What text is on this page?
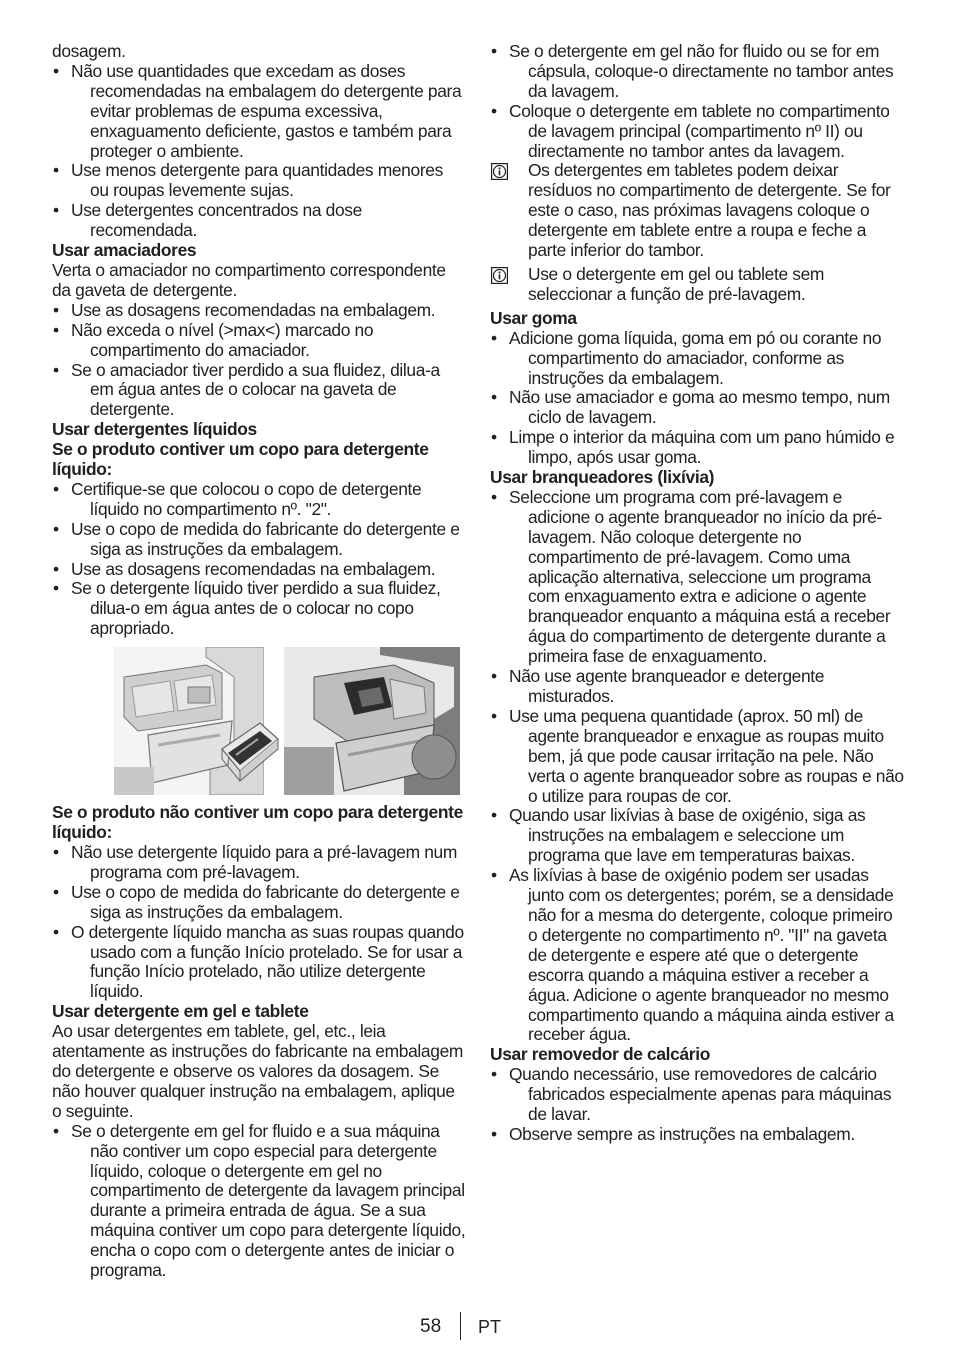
dosagem.

• Não use quantidades que excedam as doses recomendadas na embalagem do detergente para evitar problemas de espuma excessiva, enxaguamento deficiente, gastos e também para proteger o ambiente.

• Use menos detergente para quantidades menores ou roupas levemente sujas.

• Use detergentes concentrados na dose recomendada.

Usar amaciadores

Verta o amaciador no compartimento correspondente da gaveta de detergente.

• Use as dosagens recomendadas na embalagem.

• Não exceda o nível (>max<) marcado no compartimento do amaciador.

• Se o amaciador tiver perdido a sua fluidez, dilua-a em água antes de o colocar na gaveta de detergente.

Usar detergentes líquidos

Se o produto contiver um copo para detergente líquido:

• Certifique-se que colocou o copo de detergente líquido no compartimento nº. "2".

• Use o copo de medida do fabricante do detergente e siga as instruções da embalagem.

• Use as dosagens recomendadas na embalagem.

• Se o detergente líquido tiver perdido a sua fluidez, dilua-o em água antes de o colocar no copo apropriado.

Se o produto não contiver um copo para detergente líquido:

• Não use detergente líquido para a pré-lavagem num programa com pré-lavagem.

• Use o copo de medida do fabricante do detergente e siga as instruções da embalagem.

• O detergente líquido mancha as suas roupas quando usado com a função Início protelado. Se for usar a função Início protelado, não utilize detergente líquido.

Usar detergente em gel e tablete

Ao usar detergentes em tablete, gel, etc., leia atentamente as instruções do fabricante na embalagem do detergente e observe os valores da dosagem. Se não houver qualquer instrução na embalagem, aplique o seguinte.

• Se o detergente em gel for fluido e a sua máquina não contiver um copo especial para detergente líquido, coloque o detergente em gel no compartimento de detergente da lavagem principal durante a primeira entrada de água. Se a sua máquina contiver um copo para detergente líquido, encha o copo com o detergente antes de iniciar o programa.

• Se o detergente em gel não for fluido ou se for em cápsula, coloque-o directamente no tambor antes da lavagem.

• Coloque o detergente em tablete no compartimento de lavagem principal (compartimento nº II) ou directamente no tambor antes da lavagem.

Os detergentes em tabletes podem deixar resíduos no compartimento de detergente. Se for este o caso, nas próximas lavagens coloque o detergente em tablete entre a roupa e feche a parte inferior do tambor.

Use o detergente em gel ou tablete sem seleccionar a função de pré-lavagem.

Usar goma

• Adicione goma líquida, goma em pó ou corante no compartimento do amaciador, conforme as instruções da embalagem.

• Não use amaciador e goma ao mesmo tempo, num ciclo de lavagem.

• Limpe o interior da máquina com um pano húmido e limpo, após usar goma.

Usar branqueadores (lixívia)

• Seleccione um programa com pré-lavagem e adicione o agente branqueador no início da pré-lavagem. Não coloque detergente no compartimento de pré-lavagem. Como uma aplicação alternativa, seleccione um programa com enxaguamento extra e adicione o agente branqueador enquanto a máquina está a receber água do compartimento de detergente durante a primeira fase de enxaguamento.

• Não use agente branqueador e detergente misturados.

• Use uma pequena quantidade (aprox. 50 ml) de agente branqueador e enxague as roupas muito bem, já que pode causar irritação na pele. Não verta o agente branqueador sobre as roupas e não o utilize para roupas de cor.

• Quando usar lixívias à base de oxigénio, siga as instruções na embalagem e seleccione um programa que lave em temperaturas baixas.

• As lixívias à base de oxigénio podem ser usadas junto com os detergentes; porém, se a densidade não for a mesma do detergente, coloque primeiro o detergente no compartimento nº. "II" na gaveta de detergente e espere até que o detergente escorra quando a máquina estiver a receber a água. Adicione o agente branqueador no mesmo compartimento quando a máquina ainda estiver a receber água.

Usar removedor de calcário

• Quando necessário, use removedores de calcário fabricados especialmente apenas para máquinas de lavar.

• Observe sempre as instruções na embalagem.

58 PT
